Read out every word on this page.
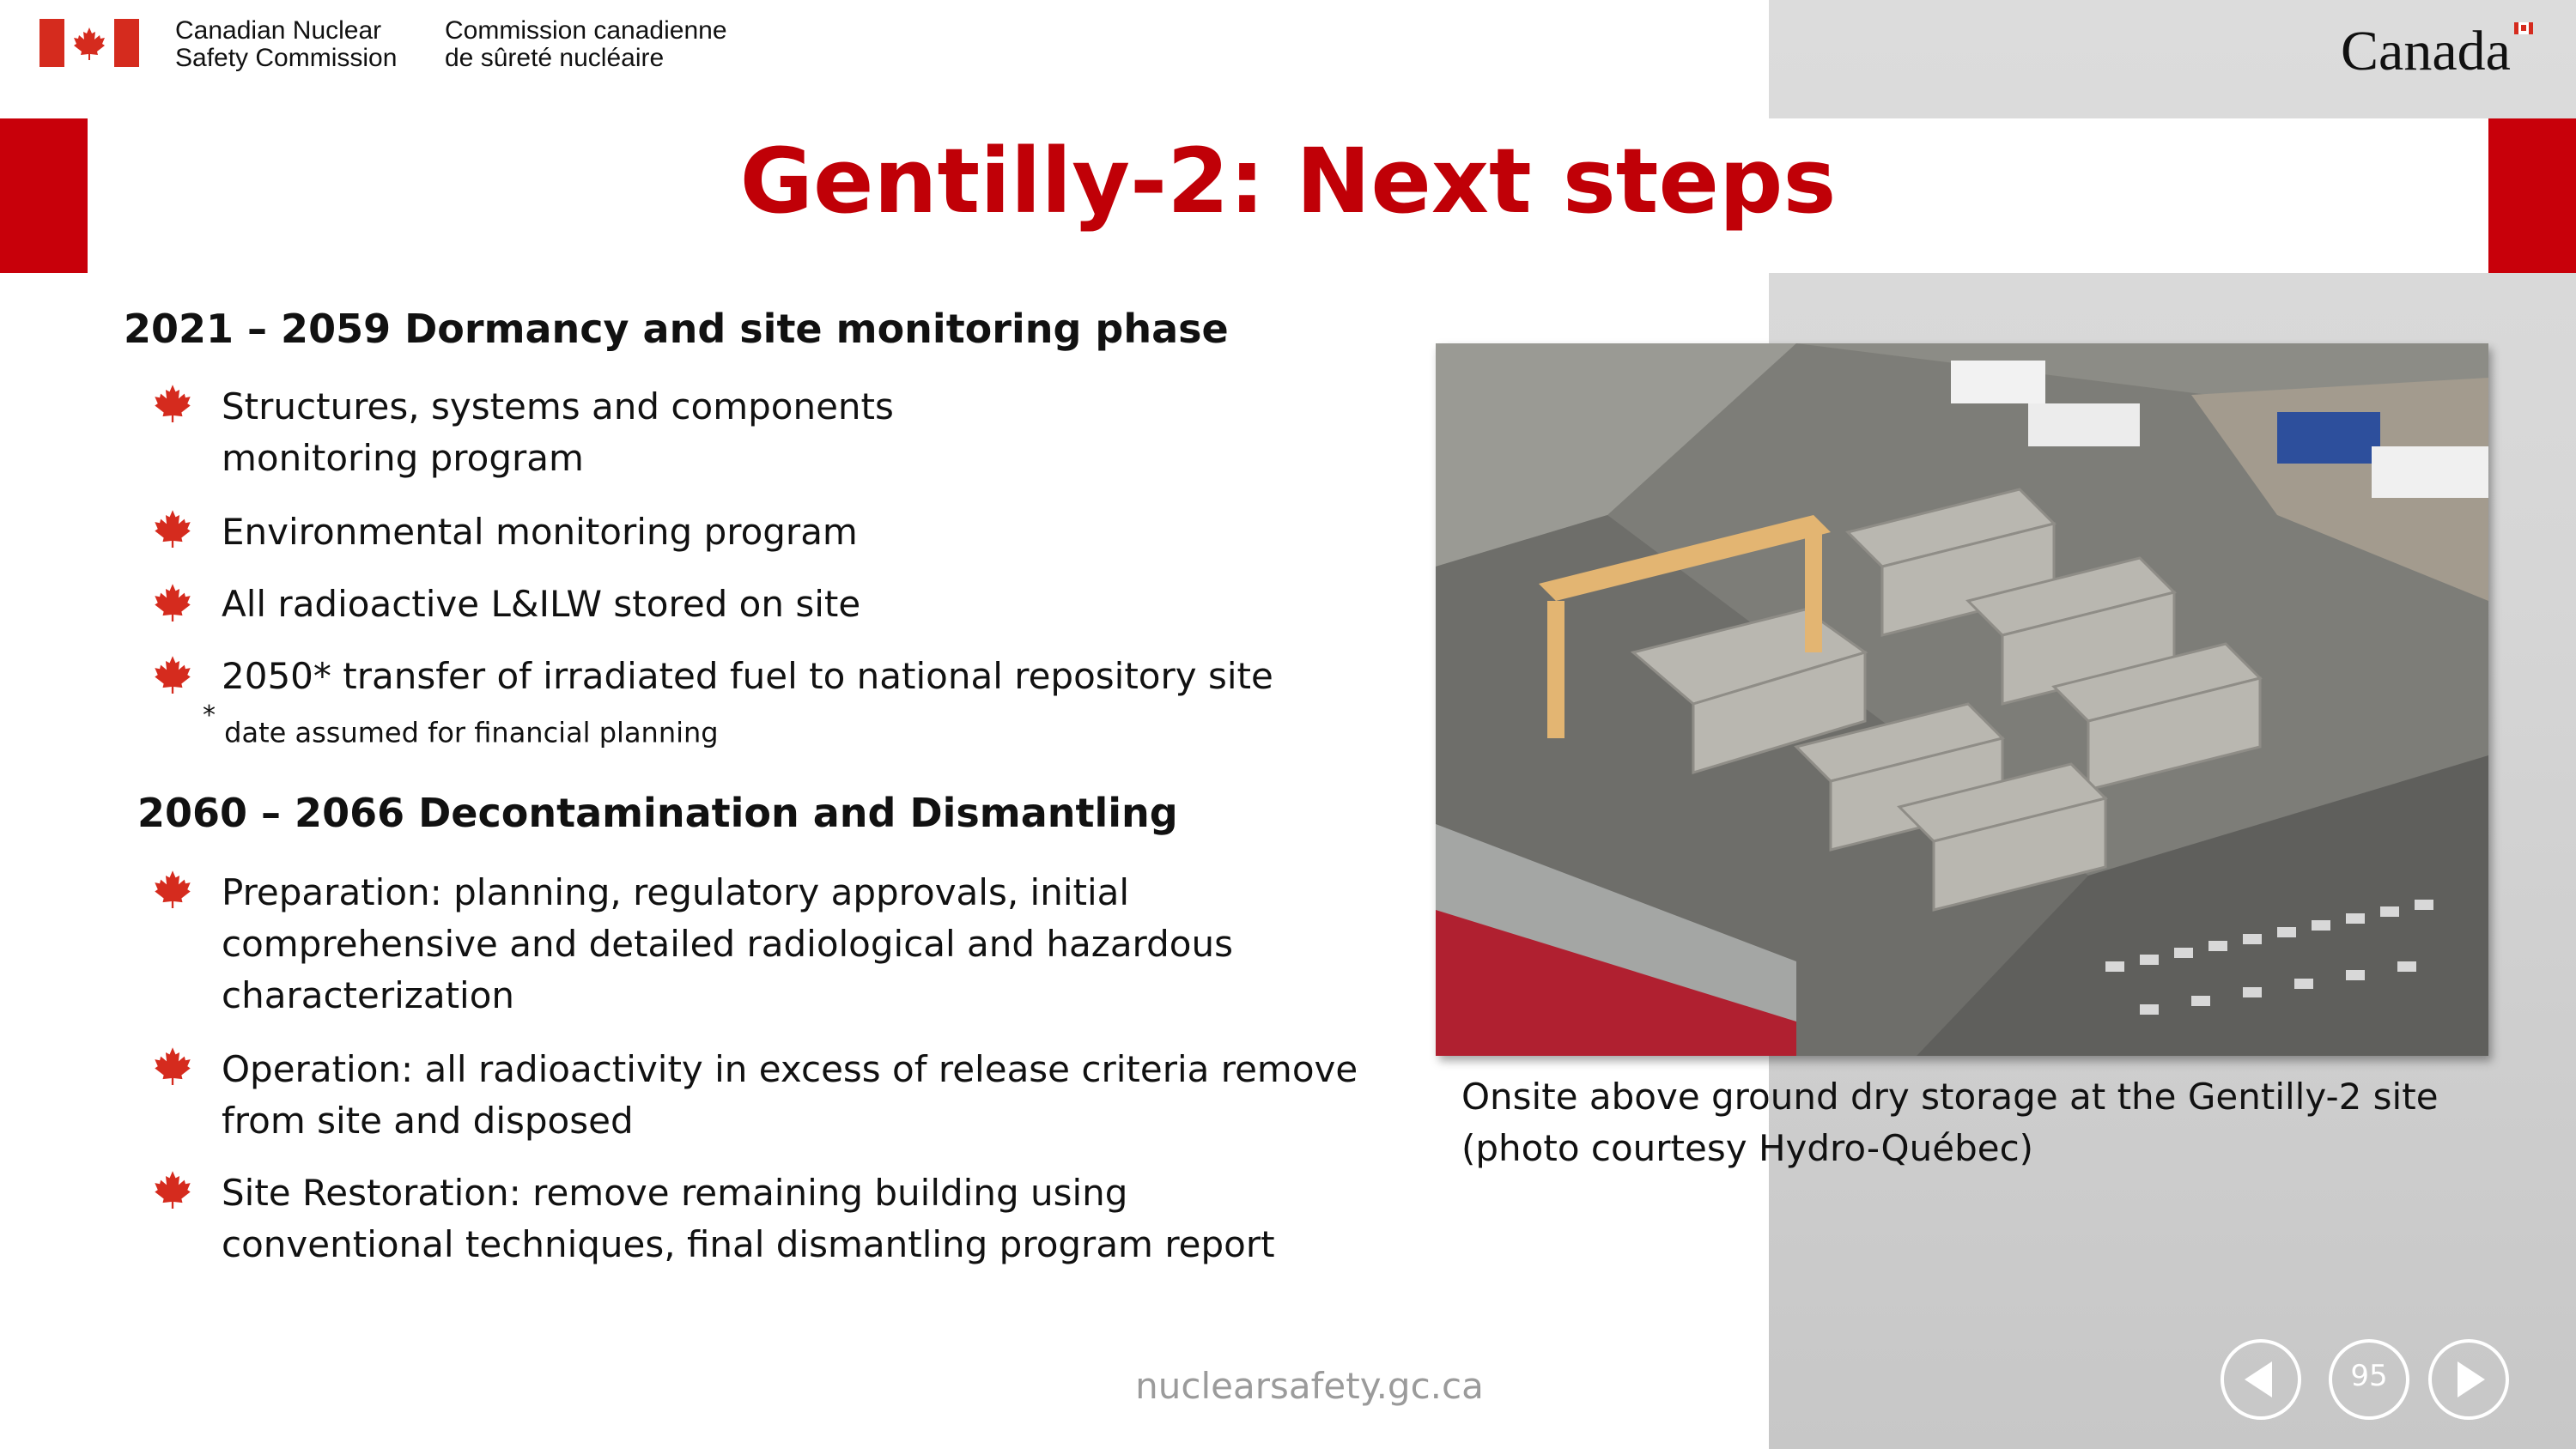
Canadian Nuclear
Safety Commission
Commission canadienne
de sûreté nucléaire	Canada
Gentilly-2: Next steps
2021 – 2059 Dormancy and site monitoring phase
Structures, systems and components
monitoring program
Environmental monitoring program
All radioactive L&ILW stored on site
2050* transfer of irradiated fuel to national repository site
* date assumed for financial planning
2060 – 2066 Decontamination and Dismantling
Preparation: planning, regulatory approvals, initial
comprehensive and detailed radiological and hazardous
characterization
Operation: all radioactivity in excess of release criteria remove
from site and disposed
Site Restoration: remove remaining building using
conventional techniques, final dismantling program report
Onsite above ground dry storage at the Gentilly-2 site
(photo courtesy Hydro-Québec)
nuclearsafety.gc.ca	95
